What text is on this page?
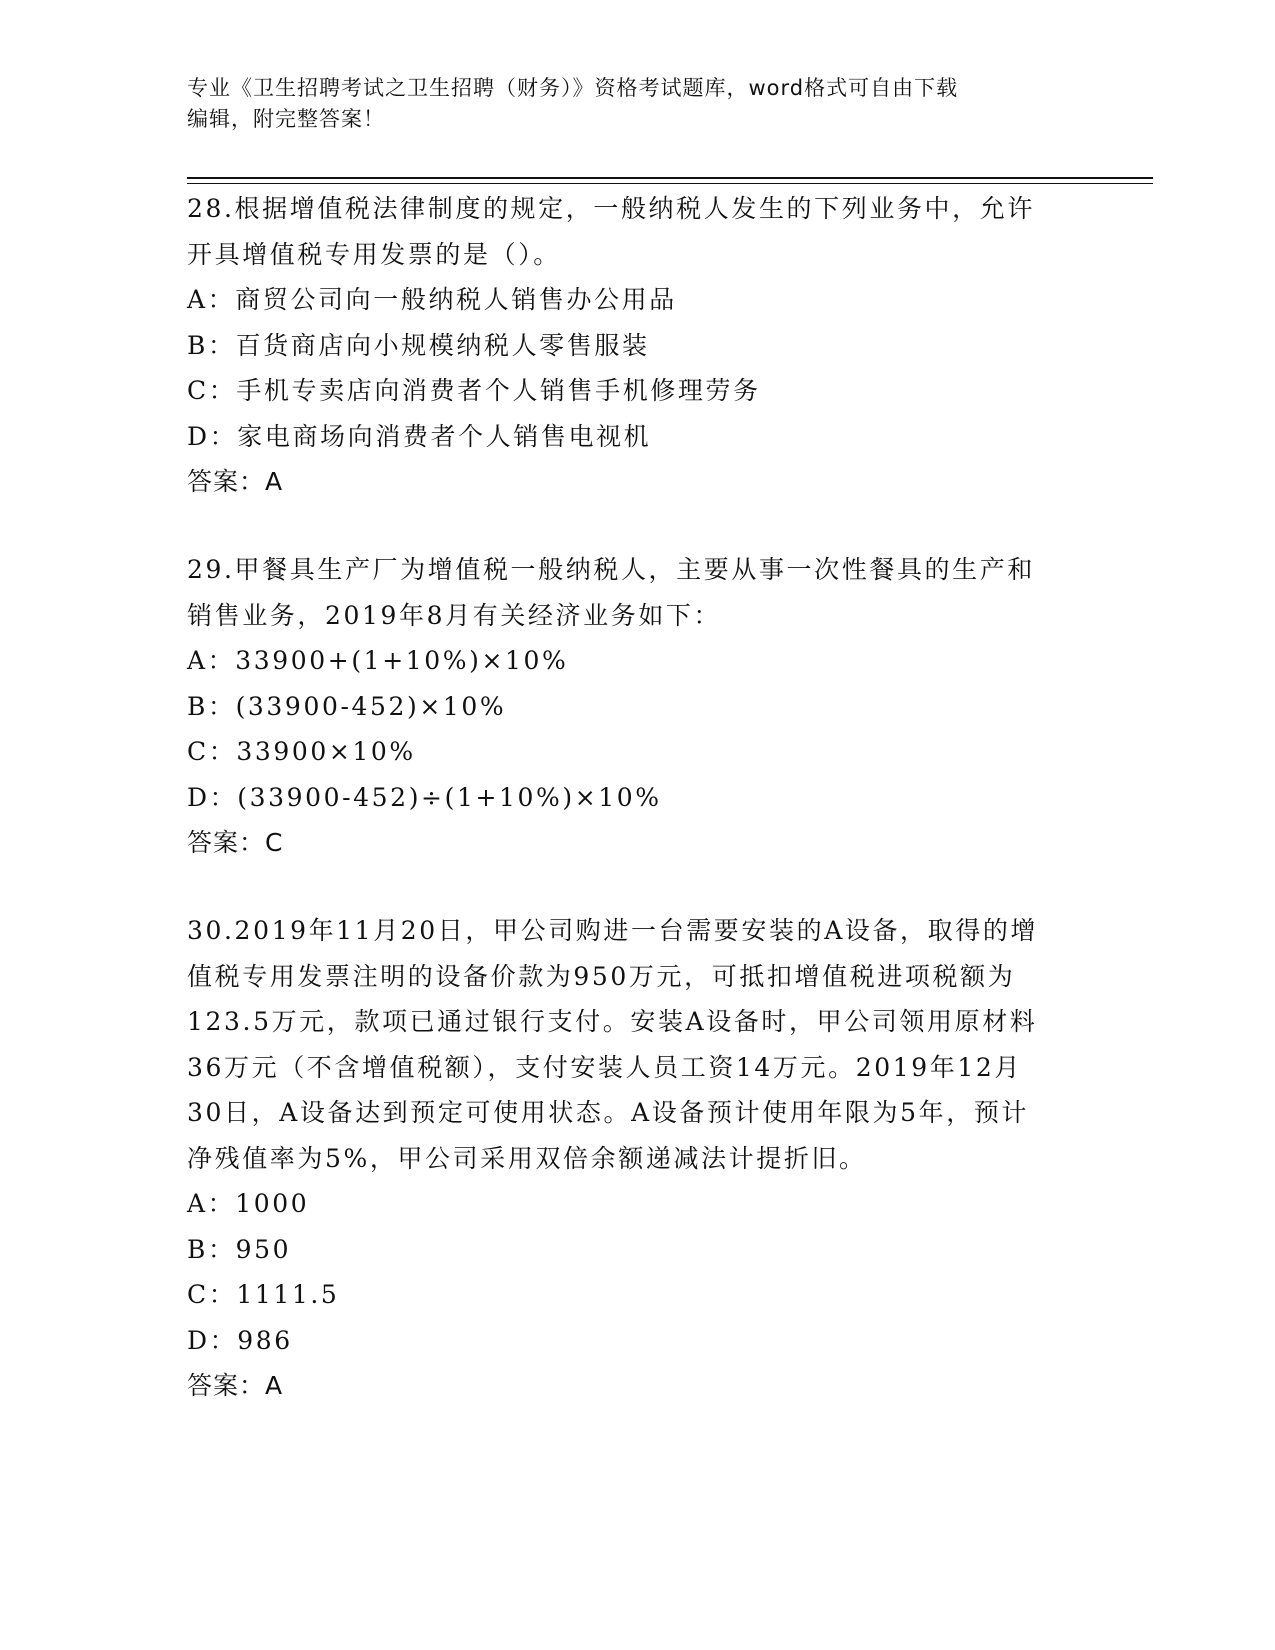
专业《卫生招聘考试之卫生招聘（财务）》资格考试题库，word格式可自由下载
编辑，附完整答案！

28.根据增值税法律制度的规定，一般纳税人发生的下列业务中，允许

开具增值税专用发票的是（）。

A：商贸公司向一般纳税人销售办公用品

B：百货商店向小规模纳税人零售服装

C：手机专卖店向消费者个人销售手机修理劳务

D：家电商场向消费者个人销售电视机

答案：A

29.甲餐具生产厂为增值税一般纳税人，主要从事一次性餐具的生产和

销售业务，2019年8月有关经济业务如下：

A：33900+(1+10%)×10%

B：(33900-452)×10%

C：33900×10%

D：(33900-452)÷(1+10%)×10%

答案：C

30.2019年11月20日，甲公司购进一台需要安装的A设备，取得的增

值税专用发票注明的设备价款为950万元，可抵扣增值税进项税额为

123.5万元，款项已通过银行支付。安装A设备时，甲公司领用原材料

36万元（不含增值税额），支付安装人员工资14万元。2019年12月

30日，A设备达到预定可使用状态。A设备预计使用年限为5年，预计

净残值率为5%，甲公司采用双倍余额递减法计提折旧。

A：1000

B：950

C：1111.5

D：986

答案：A
